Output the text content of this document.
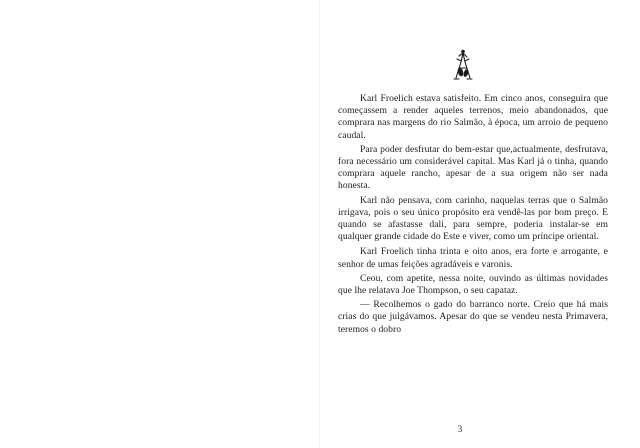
Karl Froelich estava satisfeito. Em cinco anos, conseguira que começassem a render aqueles terrenos, meio abandonados, que comprara nas margens do rio Salmão, à época, um arroio de pequeno caudal.

Para poder desfrutar do bem-estar que,actualmente, desfrutava, fora necessário um considerável capital. Mas Karl já o tinha, quando comprara aquele rancho, apesar de a sua origem não ser nada honesta.

Karl não pensava, com carinho, naquelas terras que o Salmão irrigava, pois o seu único propósito era vendê-las por bom preço. E quando se afastasse dali, para sempre, poderia instalar-se em qualquer grande cidade do Este e viver, como um príncipe oriental.

Karl Froelich tinha trinta e oito anos, era forte e arrogante, e senhor de umas feições agradáveis e varonis.

Ceou, com apetite, nessa noite, ouvindo as últimas novidades que lhe relatava Joe Thompson, o seu capataz.

— Recolhemos o gado do barranco norte. Creio que há mais crias do que julgávamos. Apesar do que se vendeu nesta Primavera, teremos o dobro

3
